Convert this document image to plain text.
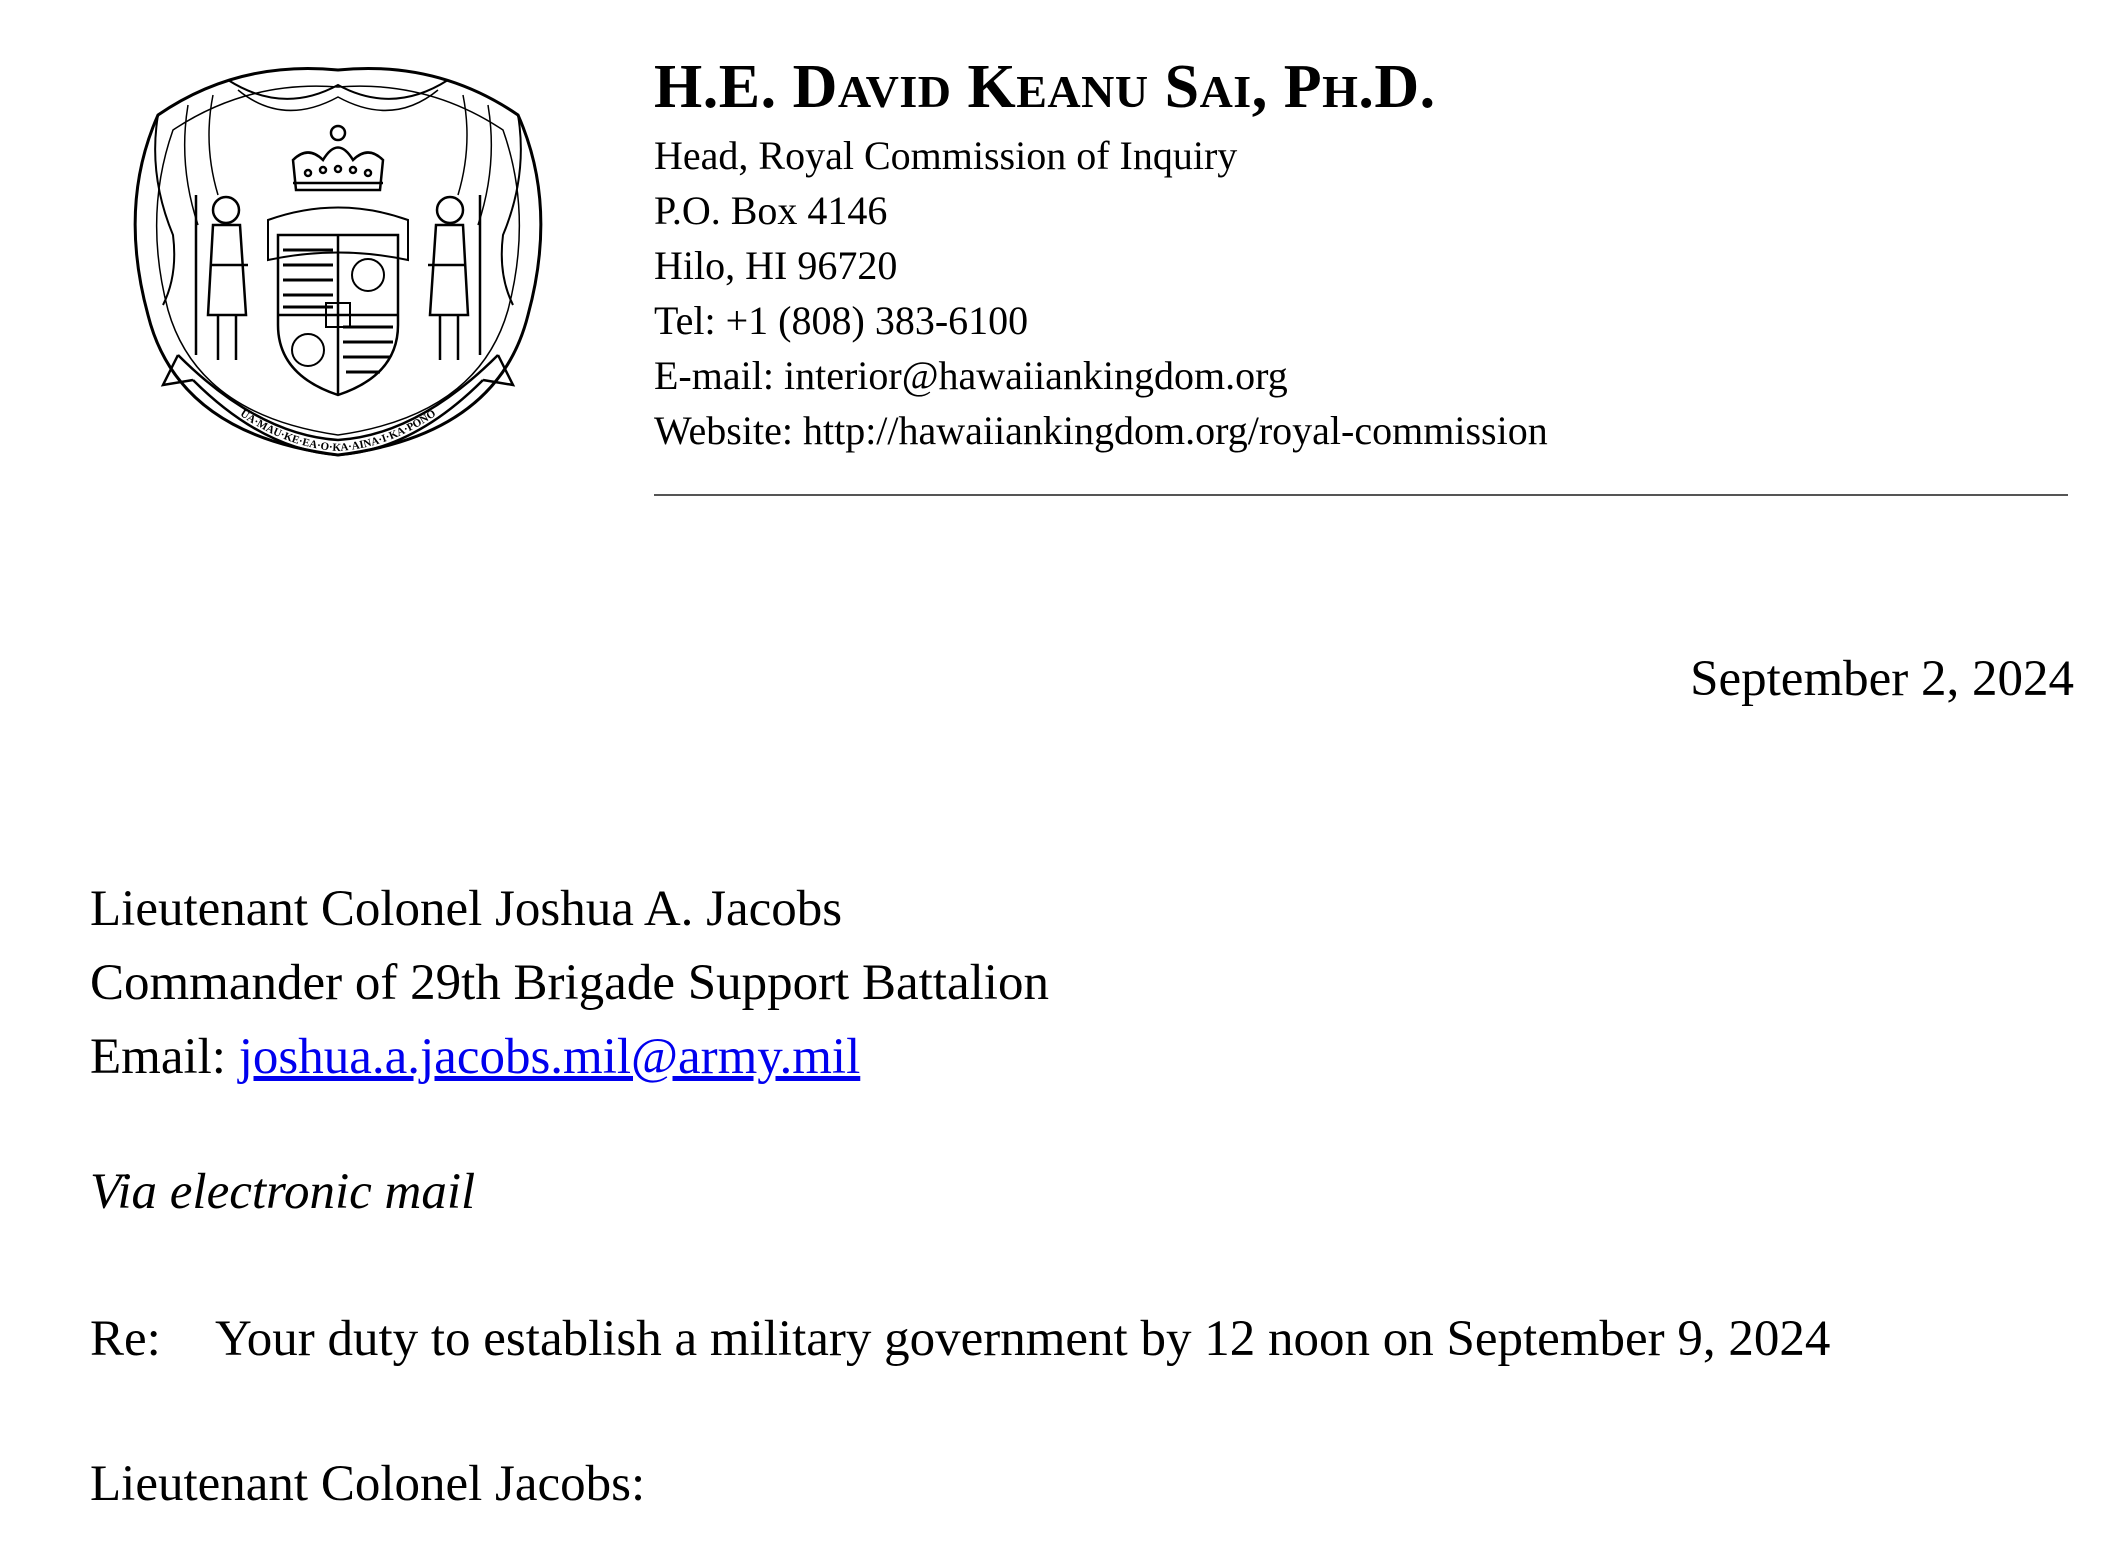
UA·MAU·KE·EA·O·KA·AINA·I·KA·PONO
H.E. DAVID KEANU SAI, PH.D.
Head, Royal Commission of Inquiry
P.O. Box 4146
Hilo, HI 96720
Tel: +1 (808) 383-6100
E-mail: interior@hawaiiankingdom.org
Website: http://hawaiiankingdom.org/royal-commission
September 2, 2024
Lieutenant Colonel Joshua A. Jacobs
Commander of 29th Brigade Support Battalion
Email: joshua.a.jacobs.mil@army.mil
Via electronic mail
Re: Your duty to establish a military government by 12 noon on September 9, 2024
Lieutenant Colonel Jacobs:
